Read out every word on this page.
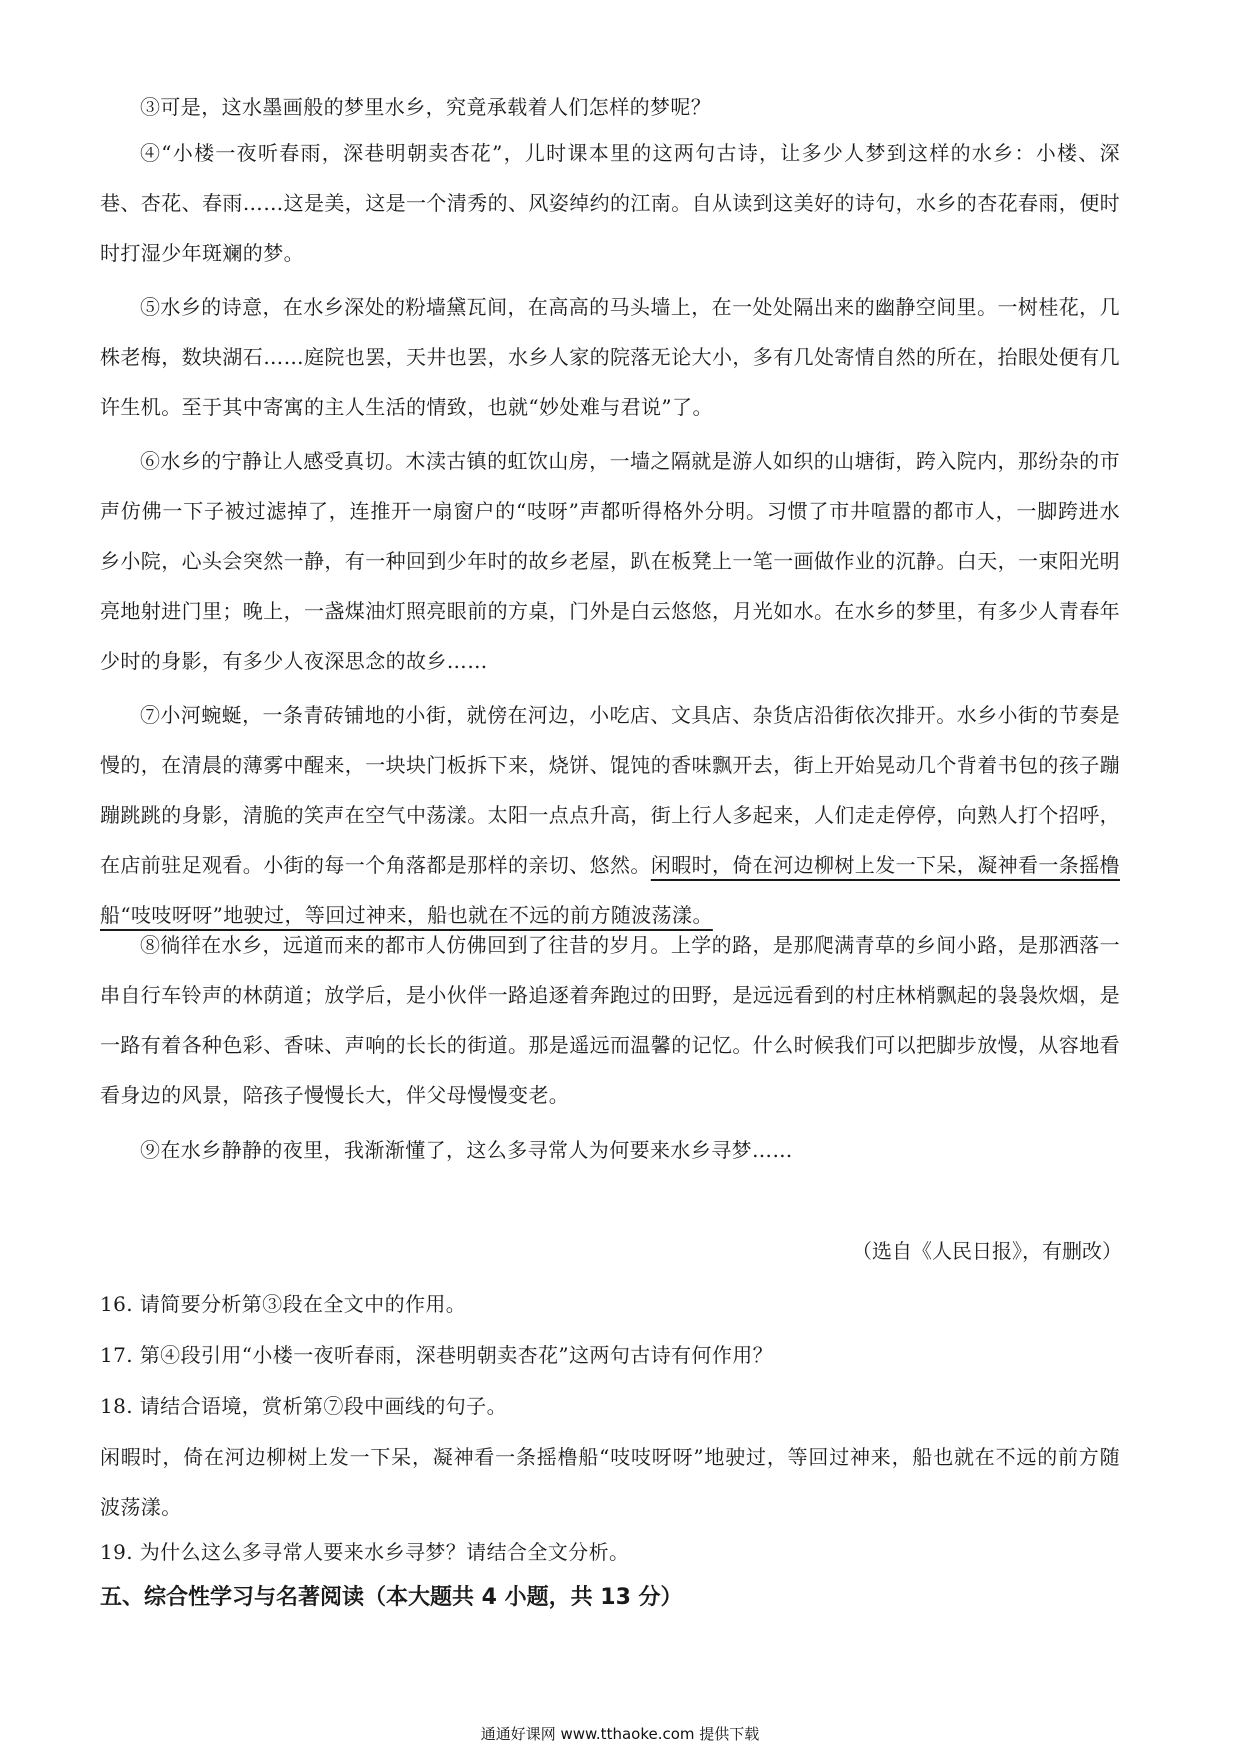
③可是，这水墨画般的梦里水乡，究竟承载着人们怎样的梦呢？

④“小楼一夜听春雨，深巷明朝卖杏花”，儿时课本里的这两句古诗，让多少人梦到这样的水乡：小楼、深巷、杏花、春雨……这是美，这是一个清秀的、风姿绰约的江南。自从读到这美好的诗句，水乡的杏花春雨，便时时打湿少年斑斓的梦。

⑤水乡的诗意，在水乡深处的粉墙黛瓦间，在高高的马头墙上，在一处处隔出来的幽静空间里。一树桂花，几株老梅，数块湖石……庭院也罢，天井也罢，水乡人家的院落无论大小，多有几处寄情自然的所在，抬眼处便有几许生机。至于其中寄寓的主人生活的情致，也就“妙处难与君说”了。

⑥水乡的宁静让人感受真切。木渎古镇的虹饮山房，一墙之隔就是游人如织的山塘街，跨入院内，那纷杂的市声仿佛一下子被过滤掉了，连推开一扇窗户的“吱呀”声都听得格外分明。习惯了市井喧嚣的都市人，一脚跨进水乡小院，心头会突然一静，有一种回到少年时的故乡老屋，趴在板凳上一笔一画做作业的沉静。白天，一束阳光明亮地射进门里；晚上，一盏煤油灯照亮眼前的方桌，门外是白云悠悠，月光如水。在水乡的梦里，有多少人青春年少时的身影，有多少人夜深思念的故乡……

⑦小河蜿蜒，一条青砖铺地的小街，就傍在河边，小吃店、文具店、杂货店沿街依次排开。水乡小街的节奏是慢的，在清晨的薄雾中醒来，一块块门板拆下来，烧饼、馄饨的香味飘开去，街上开始晃动几个背着书包的孩子蹦蹦跳跳的身影，清脆的笑声在空气中荡漾。太阳一点点升高，街上行人多起来，人们走走停停，向熟人打个招呼，在店前驻足观看。小街的每一个角落都是那样的亲切、悠然。闲暇时，倚在河边柳树上发一下呆，凝神看一条摇橹船“吱吱呀呀”地驶过，等回过神来，船也就在不远的前方随波荡漾。

⑧徜徉在水乡，远道而来的都市人仿佛回到了往昔的岁月。上学的路，是那爬满青草的乡间小路，是那洒落一串自行车铃声的林荫道；放学后，是小伙伴一路追逐着奔跑过的田野，是远远看到的村庄林梢飘起的袅袅炊烟，是一路有着各种色彩、香味、声响的长长的街道。那是遥远而温馨的记忆。什么时候我们可以把脚步放慢，从容地看看身边的风景，陪孩子慢慢长大，伴父母慢慢变老。

⑨在水乡静静的夜里，我渐渐懂了，这么多寻常人为何要来水乡寻梦……

（选自《人民日报》，有删改）

16. 请简要分析第③段在全文中的作用。

17. 第④段引用“小楼一夜听春雨，深巷明朝卖杏花”这两句古诗有何作用？

18. 请结合语境，赏析第⑦段中画线的句子。

闲暇时，倚在河边柳树上发一下呆，凝神看一条摇橹船“吱吱呀呀”地驶过，等回过神来，船也就在不远的前方随波荡漾。

19. 为什么这么多寻常人要来水乡寻梦？请结合全文分析。

五、综合性学习与名著阅读（本大题共 4 小题，共 13 分）

通通好课网 www.tthaoke.com 提供下载
